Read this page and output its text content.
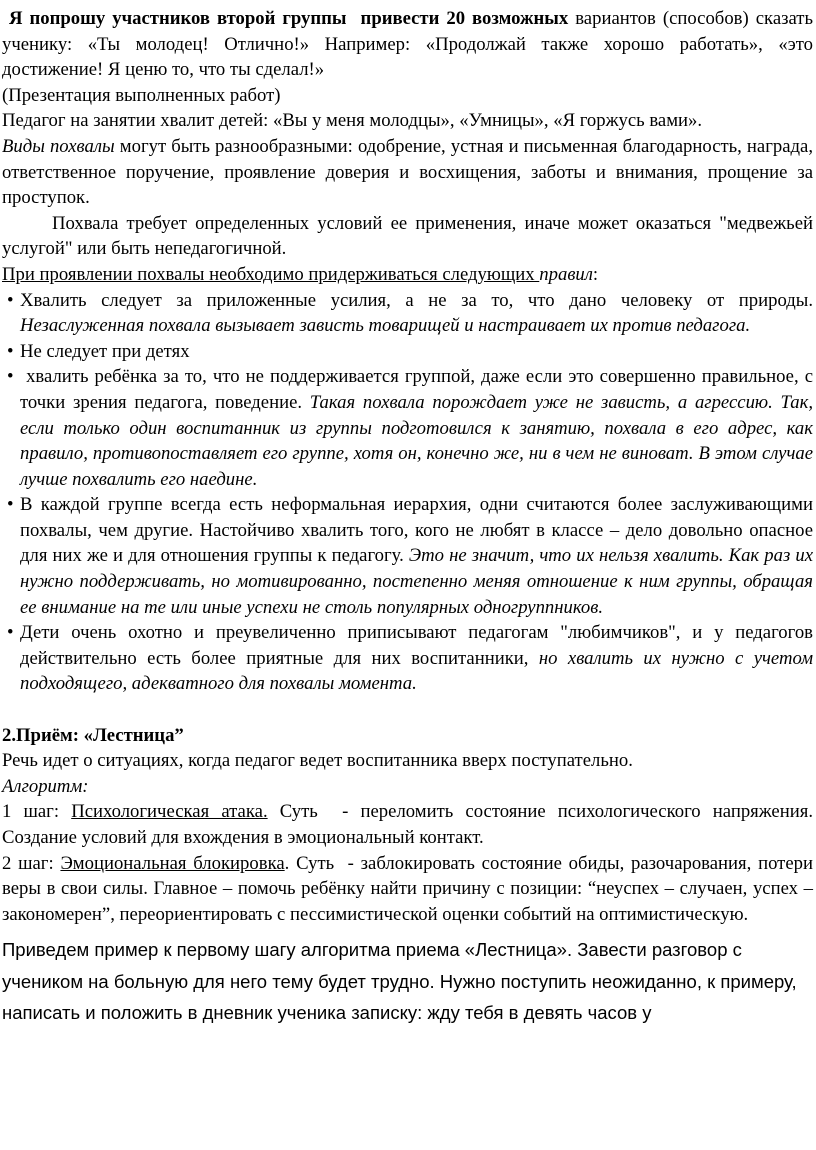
Я попрошу участников второй группы  привести 20 возможных вариантов (способов) сказать ученику: «Ты молодец! Отлично!» Например: «Продолжай также хорошо работать», «это достижение! Я ценю то, что ты сделал!»

(Презентация выполненных работ)

Педагог на занятии хвалит детей: «Вы у меня молодцы», «Умницы», «Я горжусь вами».

Виды похвалы могут быть разнообразными: одобрение, устная и письменная благодарность, награда, ответственное поручение, проявление доверия и восхищения, заботы и внимания, прощение за проступок.

Похвала требует определенных условий ее применения, иначе может оказаться "медвежьей услугой" или быть непедагогичной.

При проявлении похвалы необходимо придерживаться следующих правил:

• Хвалить следует за приложенные усилия, а не за то, что дано человеку от природы. Незаслуженная похвала вызывает зависть товарищей и настраивает их против педагога.
• Не следует при детях
•  хвалить ребёнка за то, что не поддерживается группой, даже если это совершенно правильное, с точки зрения педагога, поведение. Такая похвала порождает уже не зависть, а агрессию. Так, если только один воспитанник из группы подготовился к занятию, похвала в его адрес, как правило, противопоставляет его группе, хотя он, конечно же, ни в чем не виноват. В этом случае лучше похвалить его наедине.
• В каждой группе всегда есть неформальная иерархия, одни считаются более заслуживающими похвалы, чем другие. Настойчиво хвалить того, кого не любят в классе – дело довольно опасное для них же и для отношения группы к педагогу. Это не значит, что их нельзя хвалить. Как раз их нужно поддерживать, но мотивированно, постепенно меняя отношение к ним группы, обращая ее внимание на те или иные успехи не столь популярных одногруппников.
• Дети очень охотно и преувеличенно приписывают педагогам "любимчиков", и у педагогов действительно есть более приятные для них воспитанники, но хвалить их нужно с учетом подходящего, адекватного для похвалы момента.

2.Приём: «Лестница”

Речь идет о ситуациях, когда педагог ведет воспитанника вверх поступательно.

Алгоритм:

1 шаг: Психологическая атака. Суть  - переломить состояние психологического напряжения. Создание условий для вхождения в эмоциональный контакт.

2 шаг: Эмоциональная блокировка. Суть  - заблокировать состояние обиды, разочарования, потери веры в свои силы. Главное – помочь ребёнку найти причину с позиции: “неуспех – случаен, успех – закономерен”, переориентировать с пессимистической оценки событий на оптимистическую.

Приведем пример к первому шагу алгоритма приема «Лестница». Завести разговор с учеником на больную для него тему будет трудно. Нужно поступить неожиданно, к примеру, написать и положить в дневник ученика записку: жду тебя в девять часов у
